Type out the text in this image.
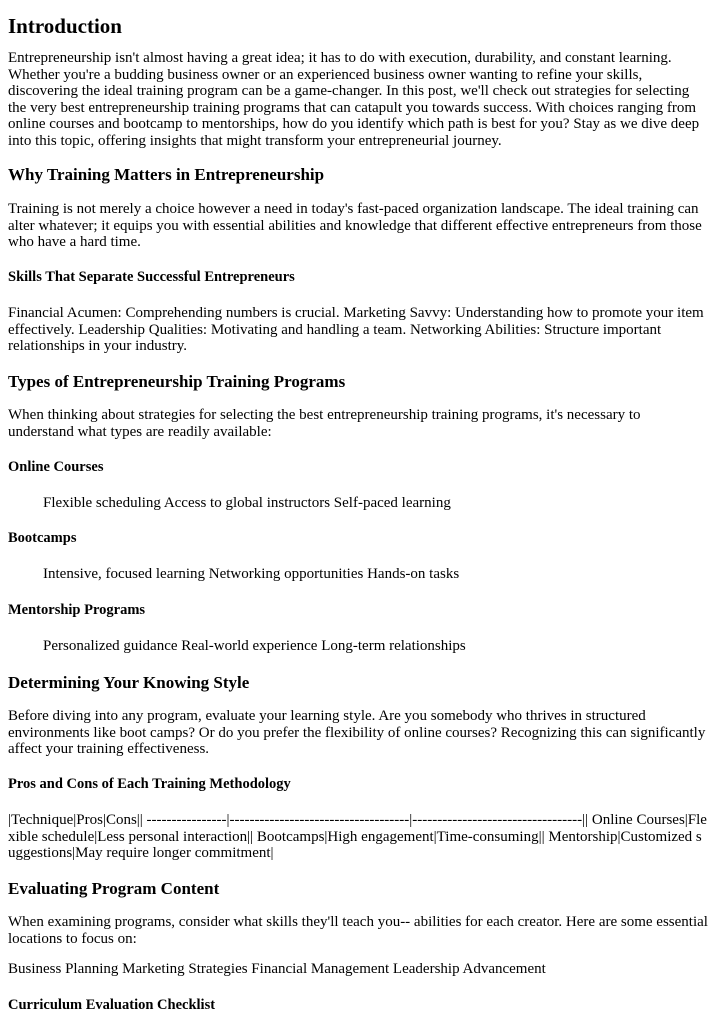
Introduction

Entrepreneurship isn't almost having a great idea; it has to do with execution, durability, and constant learning. Whether you're a budding business owner or an experienced business owner wanting to refine your skills, discovering the ideal training program can be a game-changer. In this post, we'll check out strategies for selecting the very best entrepreneurship training programs that can catapult you towards success. With choices ranging from online courses and bootcamp to mentorships, how do you identify which path is best for you? Stay as we dive deep into this topic, offering insights that might transform your entrepreneurial journey.

Why Training Matters in Entrepreneurship

Training is not merely a choice however a need in today's fast-paced organization landscape. The ideal training can alter whatever; it equips you with essential abilities and knowledge that different effective entrepreneurs from those who have a hard time.

Skills That Separate Successful Entrepreneurs

Financial Acumen: Comprehending numbers is crucial. Marketing Savvy: Understanding how to promote your item effectively. Leadership Qualities: Motivating and handling a team. Networking Abilities: Structure important relationships in your industry.

Types of Entrepreneurship Training Programs

When thinking about strategies for selecting the best entrepreneurship training programs, it's necessary to understand what types are readily available:

Online Courses

Flexible scheduling Access to global instructors Self-paced learning

Bootcamps

Intensive, focused learning Networking opportunities Hands-on tasks

Mentorship Programs

Personalized guidance Real-world experience Long-term relationships

Determining Your Knowing Style

Before diving into any program, evaluate your learning style. Are you somebody who thrives in structured environments like boot camps? Or do you prefer the flexibility of online courses? Recognizing this can significantly affect your training effectiveness.

Pros and Cons of Each Training Methodology

|Technique|Pros|Cons|| ----------------|------------------------------------|----------------------------------|| Online Courses|Flexible schedule|Less personal interaction|| Bootcamps|High engagement|Time-consuming|| Mentorship|Customized suggestions|May require longer commitment|

Evaluating Program Content

When examining programs, consider what skills they'll teach you-- abilities for each creator. Here are some essential locations to focus on:

Business Planning Marketing Strategies Financial Management Leadership Advancement

Curriculum Evaluation Checklist
